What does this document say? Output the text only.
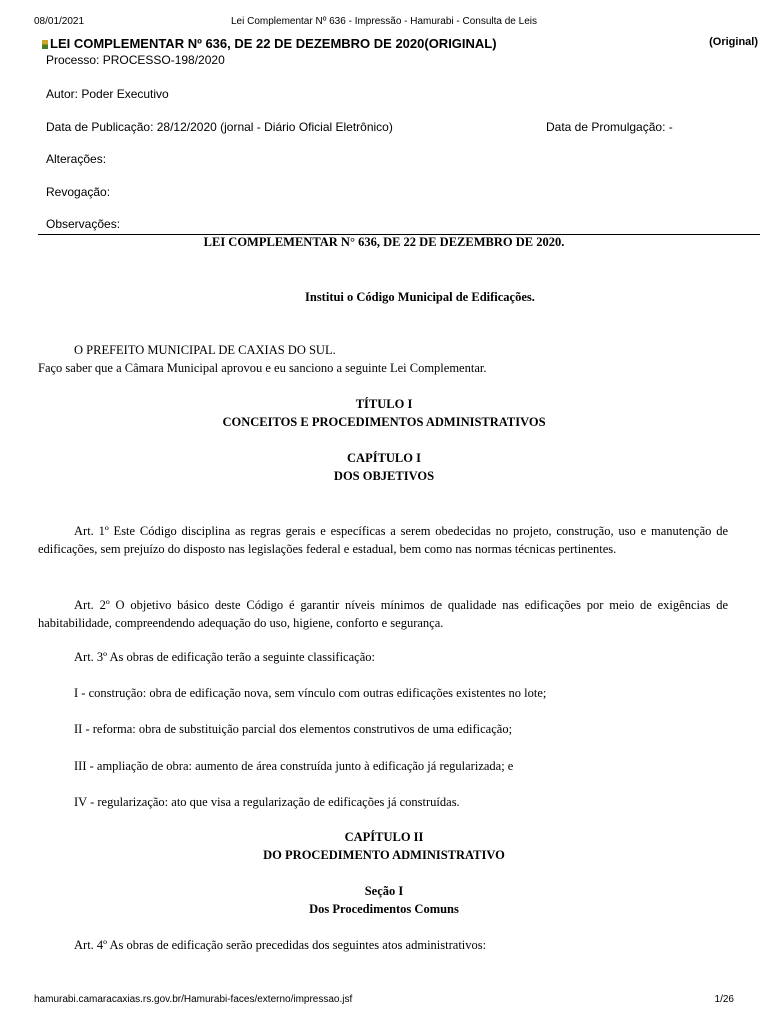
08/01/2021	Lei Complementar Nº 636 - Impressão - Hamurabi - Consulta de Leis
LEI COMPLEMENTAR Nº 636, DE 22 DE DEZEMBRO DE 2020(ORIGINAL)	(Original)
Processo: PROCESSO-198/2020
Autor: Poder Executivo
Data de Publicação: 28/12/2020 (jornal - Diário Oficial Eletrônico)	Data de Promulgação: -
Alterações:
Revogação:
Observações:
LEI COMPLEMENTAR N° 636, DE 22 DE DEZEMBRO DE 2020.
Institui o Código Municipal de Edificações.
O PREFEITO MUNICIPAL DE CAXIAS DO SUL.
Faço saber que a Câmara Municipal aprovou e eu sanciono a seguinte Lei Complementar.
TÍTULO I
CONCEITOS E PROCEDIMENTOS ADMINISTRATIVOS
CAPÍTULO I
DOS OBJETIVOS
Art. 1º Este Código disciplina as regras gerais e específicas a serem obedecidas no projeto, construção, uso e manutenção de edificações, sem prejuízo do disposto nas legislações federal e estadual, bem como nas normas técnicas pertinentes.
Art. 2º O objetivo básico deste Código é garantir níveis mínimos de qualidade nas edificações por meio de exigências de habitabilidade, compreendendo adequação do uso, higiene, conforto e segurança.
Art. 3º As obras de edificação terão a seguinte classificação:
I - construção: obra de edificação nova, sem vínculo com outras edificações existentes no lote;
II - reforma: obra de substituição parcial dos elementos construtivos de uma edificação;
III - ampliação de obra: aumento de área construída junto à edificação já regularizada; e
IV - regularização: ato que visa a regularização de edificações já construídas.
CAPÍTULO II
DO PROCEDIMENTO ADMINISTRATIVO
Seção I
Dos Procedimentos Comuns
Art. 4º As obras de edificação serão precedidas dos seguintes atos administrativos:
hamurabi.camaracaxias.rs.gov.br/Hamurabi-faces/externo/impressao.jsf	1/26
